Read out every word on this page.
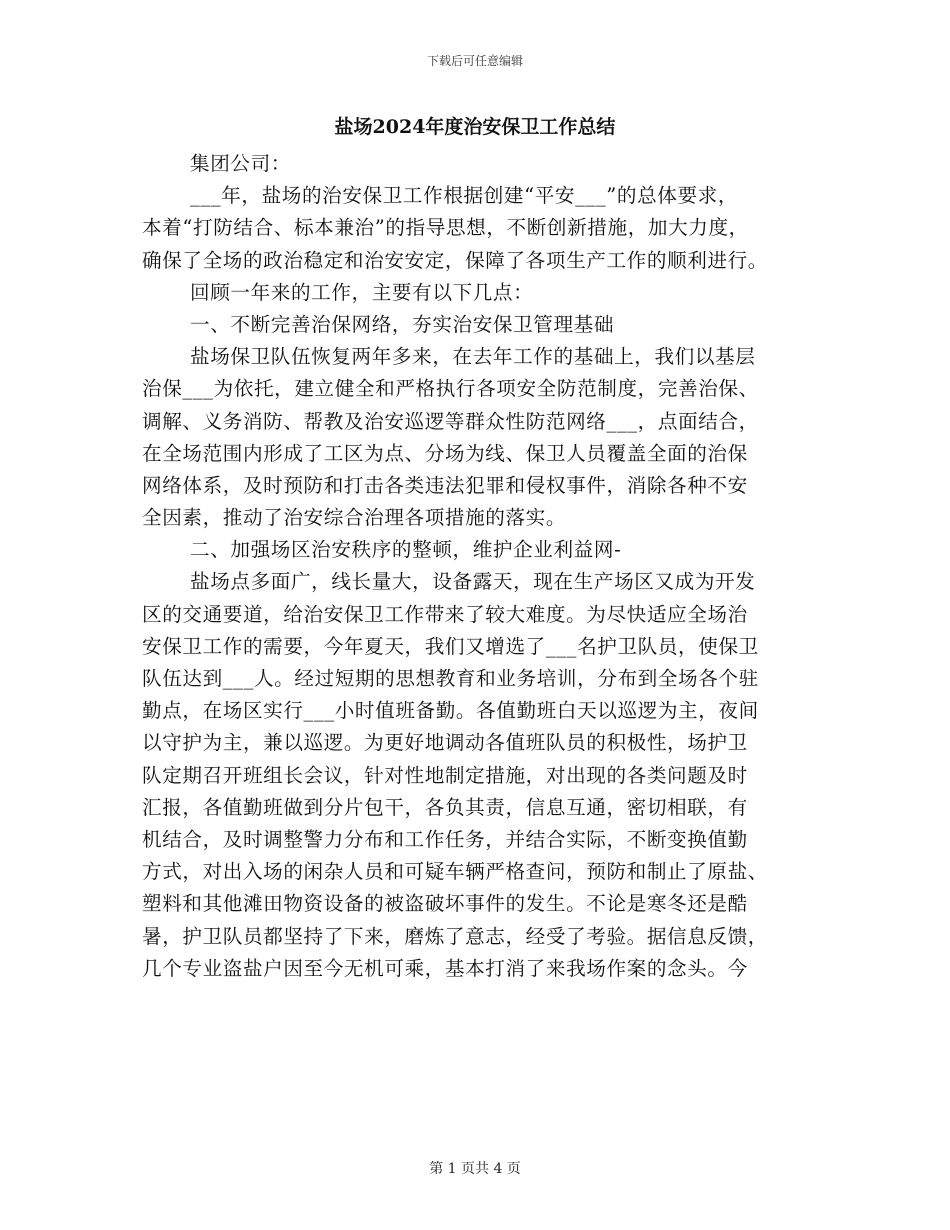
下载后可任意编辑
盐场2024年度治安保卫工作总结
集团公司：
___年，盐场的治安保卫工作根据创建“平安___”的总体要求，
本着“打防结合、标本兼治”的指导思想，不断创新措施，加大力度，
确保了全场的政治稳定和治安安定，保障了各项生产工作的顺利进行。
回顾一年来的工作，主要有以下几点：
一、不断完善治保网络，夯实治安保卫管理基础
盐场保卫队伍恢复两年多来，在去年工作的基础上，我们以基层
治保___为依托，建立健全和严格执行各项安全防范制度，完善治保、
调解、义务消防、帮教及治安巡逻等群众性防范网络___，点面结合，
在全场范围内形成了工区为点、分场为线、保卫人员覆盖全面的治保
网络体系，及时预防和打击各类违法犯罪和侵权事件，消除各种不安
全因素，推动了治安综合治理各项措施的落实。
二、加强场区治安秩序的整顿，维护企业利益网-
盐场点多面广，线长量大，设备露天，现在生产场区又成为开发
区的交通要道，给治安保卫工作带来了较大难度。为尽快适应全场治
安保卫工作的需要，今年夏天，我们又增选了___名护卫队员，使保卫
队伍达到___人。经过短期的思想教育和业务培训，分布到全场各个驻
勤点，在场区实行___小时值班备勤。各值勤班白天以巡逻为主，夜间
以守护为主，兼以巡逻。为更好地调动各值班队员的积极性，场护卫
队定期召开班组长会议，针对性地制定措施，对出现的各类问题及时
汇报，各值勤班做到分片包干，各负其责，信息互通，密切相联，有
机结合，及时调整警力分布和工作任务，并结合实际，不断变换值勤
方式，对出入场的闲杂人员和可疑车辆严格查问，预防和制止了原盐、
塑料和其他滩田物资设备的被盗破坏事件的发生。不论是寒冬还是酷
暑，护卫队员都坚持了下来，磨炼了意志，经受了考验。据信息反馈，
几个专业盗盐户因至今无机可乘，基本打消了来我场作案的念头。今
第 1 页共 4 页
